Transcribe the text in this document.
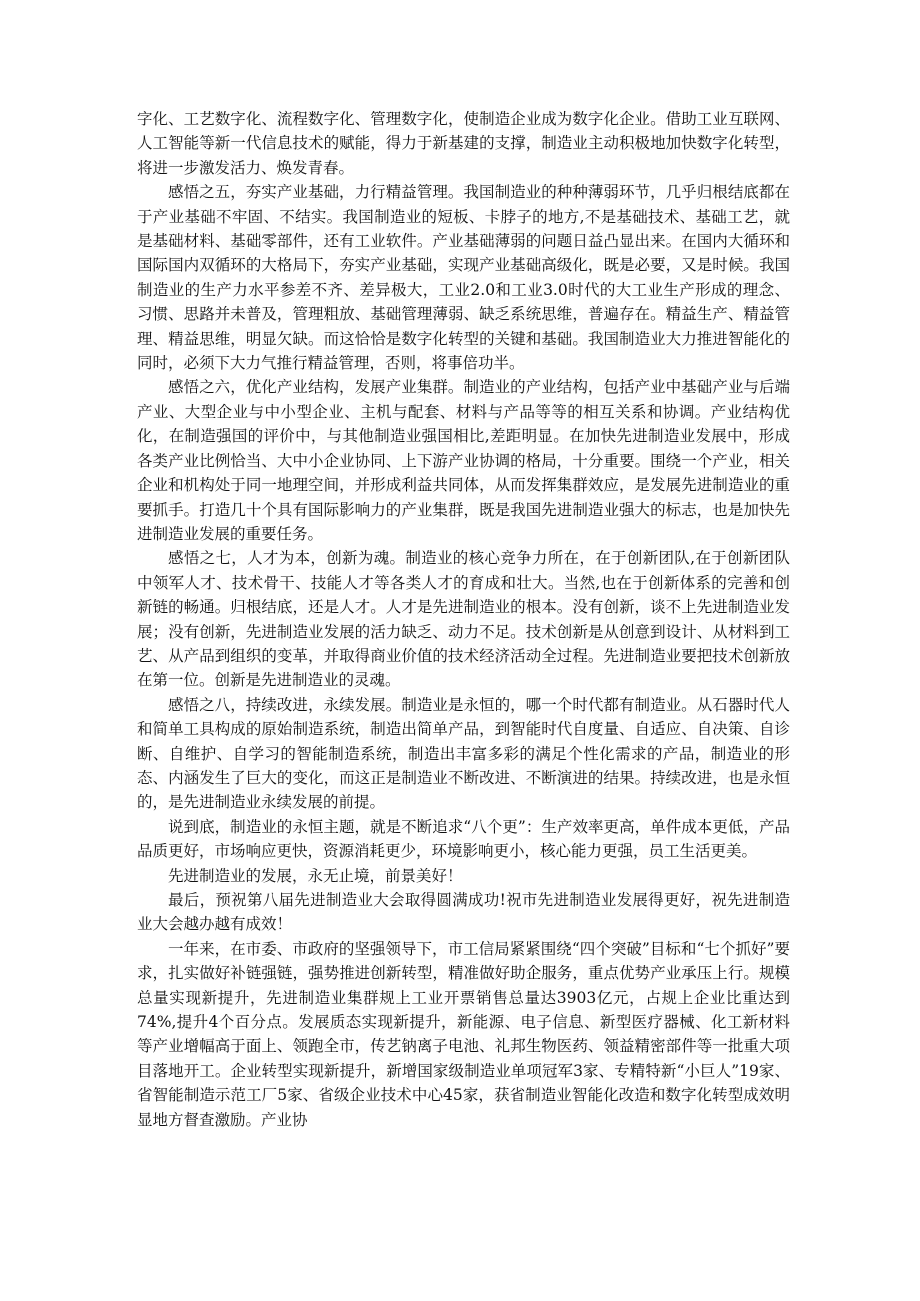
字化、工艺数字化、流程数字化、管理数字化，使制造企业成为数字化企业。借助工业互联网、人工智能等新一代信息技术的赋能，得力于新基建的支撑，制造业主动积极地加快数字化转型，将进一步激发活力、焕发青春。

感悟之五，夯实产业基础，力行精益管理。我国制造业的种种薄弱环节，几乎归根结底都在于产业基础不牢固、不结实。我国制造业的短板、卡脖子的地方,不是基础技术、基础工艺，就是基础材料、基础零部件，还有工业软件。产业基础薄弱的问题日益凸显出来。在国内大循环和国际国内双循环的大格局下，夯实产业基础，实现产业基础高级化，既是必要，又是时候。我国制造业的生产力水平参差不齐、差异极大，工业2.0和工业3.0时代的大工业生产形成的理念、习惯、思路并未普及，管理粗放、基础管理薄弱、缺乏系统思维，普遍存在。精益生产、精益管理、精益思维，明显欠缺。而这恰恰是数字化转型的关键和基础。我国制造业大力推进智能化的同时，必须下大力气推行精益管理，否则，将事倍功半。

感悟之六，优化产业结构，发展产业集群。制造业的产业结构，包括产业中基础产业与后端产业、大型企业与中小型企业、主机与配套、材料与产品等等的相互关系和协调。产业结构优化，在制造强国的评价中，与其他制造业强国相比,差距明显。在加快先进制造业发展中，形成各类产业比例恰当、大中小企业协同、上下游产业协调的格局，十分重要。围绕一个产业，相关企业和机构处于同一地理空间，并形成利益共同体，从而发挥集群效应，是发展先进制造业的重要抓手。打造几十个具有国际影响力的产业集群，既是我国先进制造业强大的标志，也是加快先进制造业发展的重要任务。

感悟之七，人才为本，创新为魂。制造业的核心竞争力所在，在于创新团队,在于创新团队中领军人才、技术骨干、技能人才等各类人才的育成和壮大。当然,也在于创新体系的完善和创新链的畅通。归根结底，还是人才。人才是先进制造业的根本。没有创新，谈不上先进制造业发展；没有创新，先进制造业发展的活力缺乏、动力不足。技术创新是从创意到设计、从材料到工艺、从产品到组织的变革，并取得商业价值的技术经济活动全过程。先进制造业要把技术创新放在第一位。创新是先进制造业的灵魂。

感悟之八，持续改进，永续发展。制造业是永恒的，哪一个时代都有制造业。从石器时代人和简单工具构成的原始制造系统，制造出简单产品，到智能时代自度量、自适应、自决策、自诊断、自维护、自学习的智能制造系统，制造出丰富多彩的满足个性化需求的产品，制造业的形态、内涵发生了巨大的变化，而这正是制造业不断改进、不断演进的结果。持续改进，也是永恒的，是先进制造业永续发展的前提。

说到底，制造业的永恒主题，就是不断追求“八个更”：生产效率更高，单件成本更低，产品品质更好，市场响应更快，资源消耗更少，环境影响更小，核心能力更强，员工生活更美。

先进制造业的发展，永无止境，前景美好！

最后，预祝第八届先进制造业大会取得圆满成功!祝市先进制造业发展得更好，祝先进制造业大会越办越有成效！

一年来，在市委、市政府的坚强领导下，市工信局紧紧围绕“四个突破”目标和“七个抓好”要求，扎实做好补链强链，强势推进创新转型，精准做好助企服务，重点优势产业承压上行。规模总量实现新提升，先进制造业集群规上工业开票销售总量达3903亿元，占规上企业比重达到74%,提升4个百分点。发展质态实现新提升，新能源、电子信息、新型医疗器械、化工新材料等产业增幅高于面上、领跑全市，传艺钠离子电池、礼邦生物医药、领益精密部件等一批重大项目落地开工。企业转型实现新提升，新增国家级制造业单项冠军3家、专精特新“小巨人”19家、省智能制造示范工厂5家、省级企业技术中心45家，获省制造业智能化改造和数字化转型成效明显地方督查激励。产业协
